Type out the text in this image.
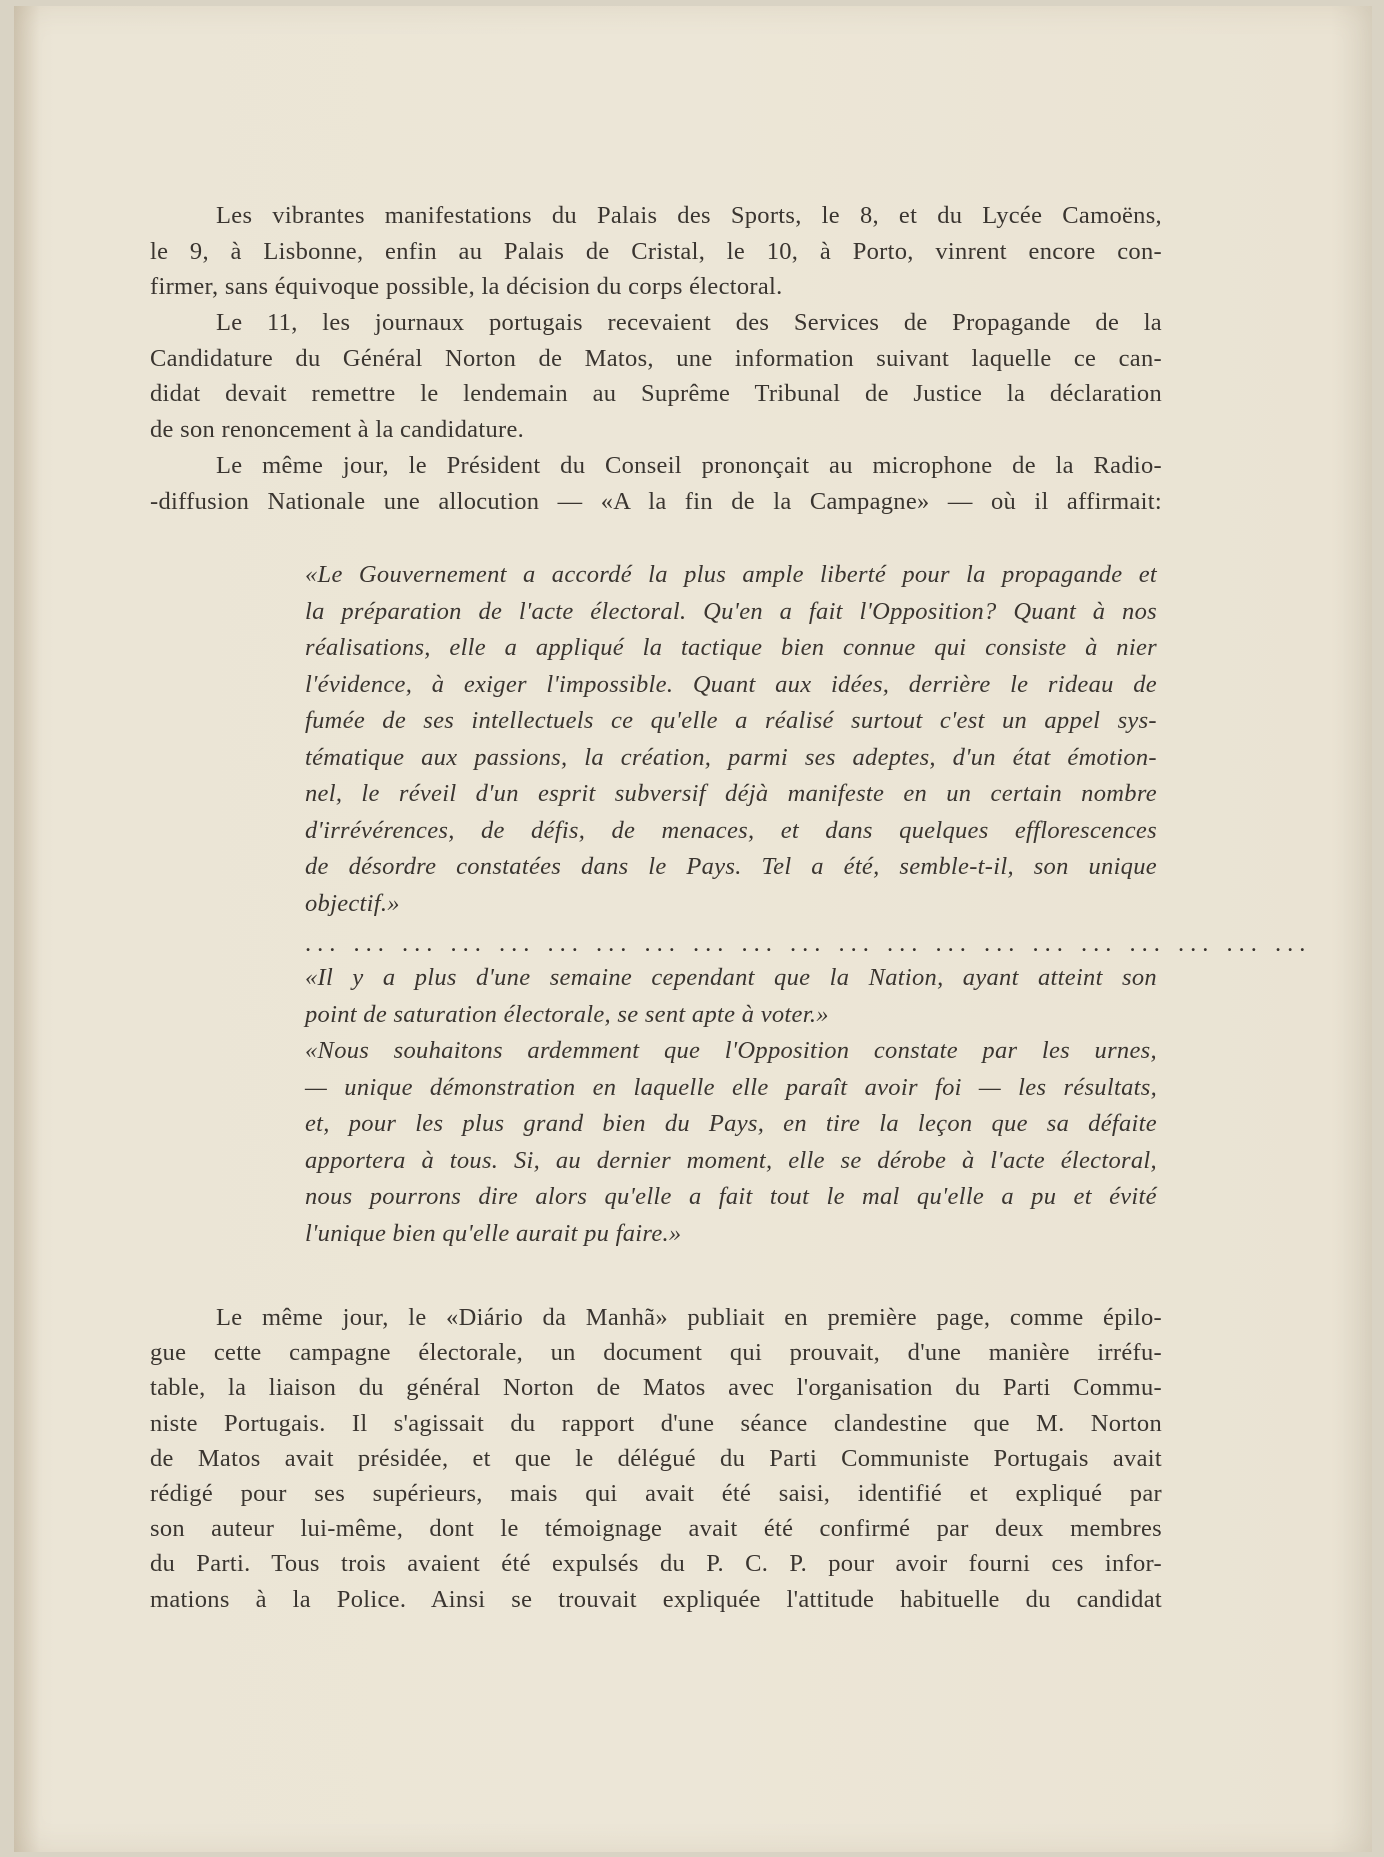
Les vibrantes manifestations du Palais des Sports, le 8, et du Lycée Camoëns,
le 9, à Lisbonne, enfin au Palais de Cristal, le 10, à Porto, vinrent encore con-
firmer, sans équivoque possible, la décision du corps électoral.
Le 11, les journaux portugais recevaient des Services de Propagande de la
Candidature du Général Norton de Matos, une information suivant laquelle ce can-
didat devait remettre le lendemain au Suprême Tribunal de Justice la déclaration
de son renoncement à la candidature.
Le même jour, le Président du Conseil prononçait au microphone de la Radio-
-diffusion Nationale une allocution — «A la fin de la Campagne» — où il affirmait:
«Le Gouvernement a accordé la plus ample liberté pour la propagande et
la préparation de l'acte électoral. Qu'en a fait l'Opposition? Quant à nos
réalisations, elle a appliqué la tactique bien connue qui consiste à nier
l'évidence, à exiger l'impossible. Quant aux idées, derrière le rideau de
fumée de ses intellectuels ce qu'elle a réalisé surtout c'est un appel sys-
tématique aux passions, la création, parmi ses adeptes, d'un état émotion-
nel, le réveil d'un esprit subversif déjà manifeste en un certain nombre
d'irrévérences, de défis, de menaces, et dans quelques efflorescences
de désordre constatées dans le Pays. Tel a été, semble-t-il, son unique
objectif.»
... ... ... ... ... ... ... ... ... ... ... ... ... ... ... ... ... ... ... ... ...
«Il y a plus d'une semaine cependant que la Nation, ayant atteint son
point de saturation électorale, se sent apte à voter.»
«Nous souhaitons ardemment que l'Opposition constate par les urnes,
— unique démonstration en laquelle elle paraît avoir foi — les résultats,
et, pour les plus grand bien du Pays, en tire la leçon que sa défaite
apportera à tous. Si, au dernier moment, elle se dérobe à l'acte électoral,
nous pourrons dire alors qu'elle a fait tout le mal qu'elle a pu et évité
l'unique bien qu'elle aurait pu faire.»
Le même jour, le «Diário da Manhã» publiait en première page, comme épilo-
gue cette campagne électorale, un document qui prouvait, d'une manière irréfu-
table, la liaison du général Norton de Matos avec l'organisation du Parti Commu-
niste Portugais. Il s'agissait du rapport d'une séance clandestine que M. Norton
de Matos avait présidée, et que le délégué du Parti Communiste Portugais avait
rédigé pour ses supérieurs, mais qui avait été saisi, identifié et expliqué par
son auteur lui-même, dont le témoignage avait été confirmé par deux membres
du Parti. Tous trois avaient été expulsés du P. C. P. pour avoir fourni ces infor-
mations à la Police. Ainsi se trouvait expliquée l'attitude habituelle du candidat
